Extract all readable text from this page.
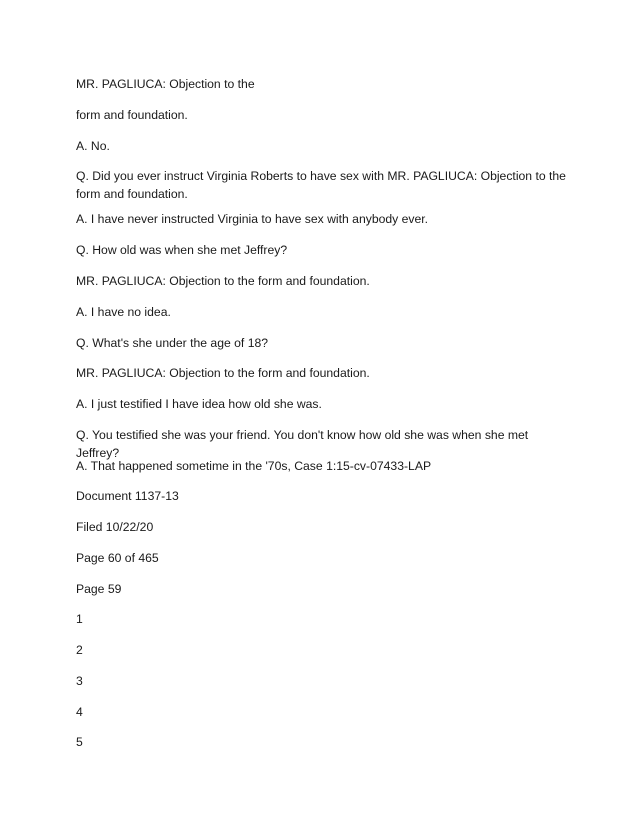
MR. PAGLIUCA: Objection to the

form and foundation.

A. No.

Q. Did you ever instruct Virginia Roberts to have sex with MR. PAGLIUCA: Objection to the form and foundation.

A. I have never instructed Virginia to have sex with anybody ever.

Q. How old was when she met Jeffrey?

MR. PAGLIUCA: Objection to the form and foundation.

A. I have no idea.

Q. What's she under the age of 18?

MR. PAGLIUCA: Objection to the form and foundation.

A. I just testified I have idea how old she was.

Q. You testified she was your friend. You don't know how old she was when she met Jeffrey?

A. That happened sometime in the '70s, Case 1:15-cv-07433-LAP

Document 1137-13

Filed 10/22/20

Page 60 of 465

Page 59

1

2

3

4

5
